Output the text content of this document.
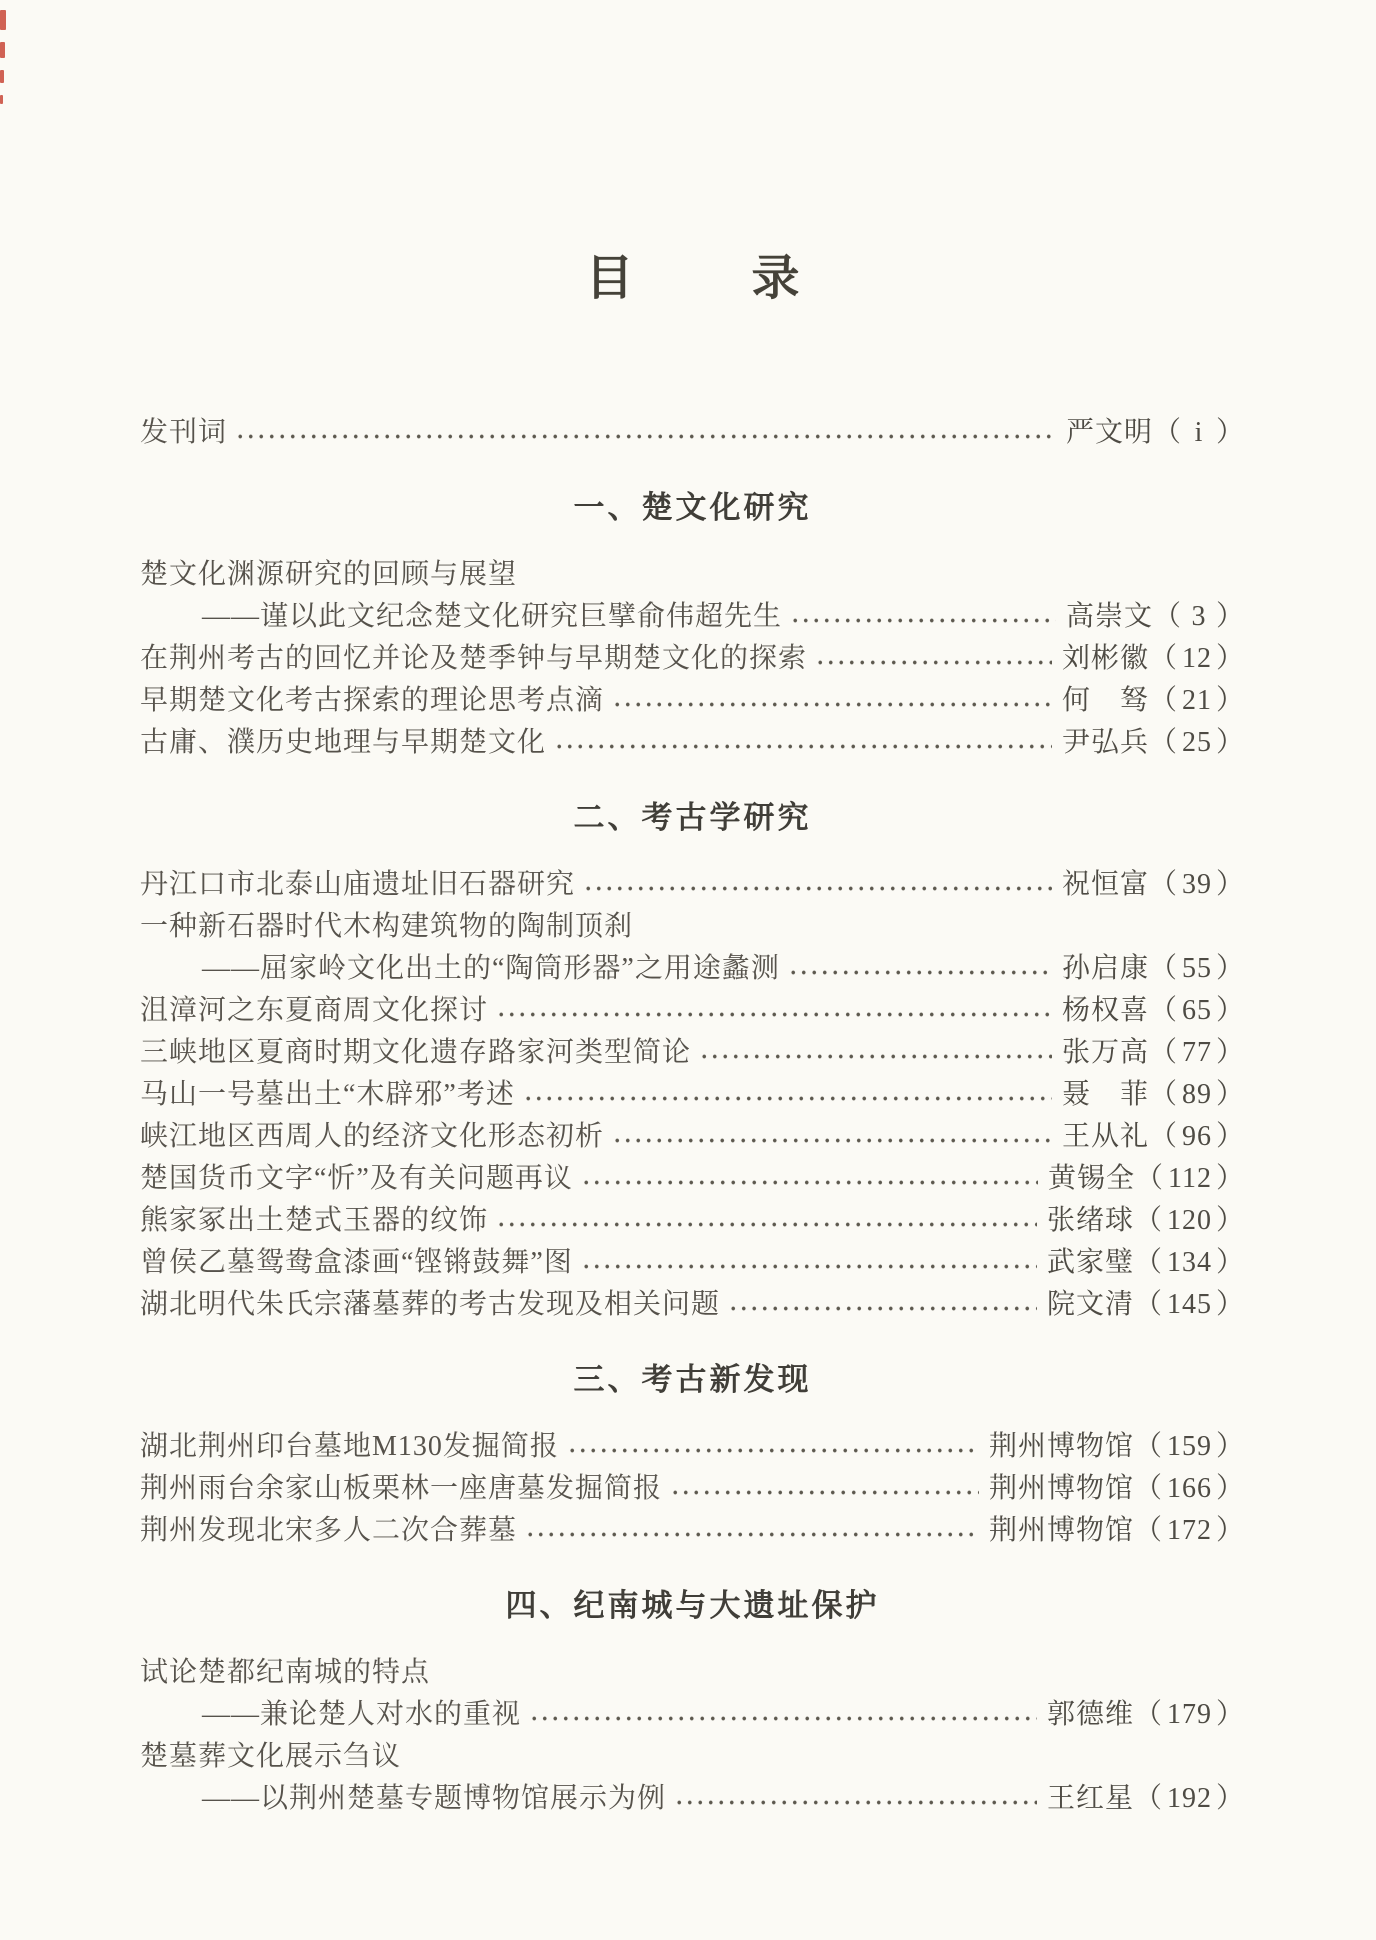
目 录
发刊词	严文明（ i ）
一、楚文化研究
楚文化渊源研究的回顾与展望
——谨以此文纪念楚文化研究巨擘俞伟超先生	高崇文（ 3 ）
在荆州考古的回忆并论及楚季钟与早期楚文化的探索	刘彬徽（ 12 ）
早期楚文化考古探索的理论思考点滴	何　驽（ 21 ）
古庸、濮历史地理与早期楚文化	尹弘兵（ 25 ）
二、考古学研究
丹江口市北泰山庙遗址旧石器研究	祝恒富（ 39 ）
一种新石器时代木构建筑物的陶制顶刹
——屈家岭文化出土的“陶筒形器”之用途蠡测	孙启康（ 55 ）
沮漳河之东夏商周文化探讨	杨权喜（ 65 ）
三峡地区夏商时期文化遗存路家河类型简论	张万高（ 77 ）
马山一号墓出土“木辟邪”考述	聂　菲（ 89 ）
峡江地区西周人的经济文化形态初析	王从礼（ 96 ）
楚国货币文字“忻”及有关问题再议	黄锡全（ 112 ）
熊家冢出土楚式玉器的纹饰	张绪球（ 120 ）
曾侯乙墓鸳鸯盒漆画“铿锵鼓舞”图	武家璧（ 134 ）
湖北明代朱氏宗藩墓葬的考古发现及相关问题	院文清（ 145 ）
三、考古新发现
湖北荆州印台墓地M130发掘简报	荆州博物馆（ 159 ）
荆州雨台余家山板栗林一座唐墓发掘简报	荆州博物馆（ 166 ）
荆州发现北宋多人二次合葬墓	荆州博物馆（ 172 ）
四、纪南城与大遗址保护
试论楚都纪南城的特点
——兼论楚人对水的重视	郭德维（ 179 ）
楚墓葬文化展示刍议
——以荆州楚墓专题博物馆展示为例	王红星（ 192 ）
